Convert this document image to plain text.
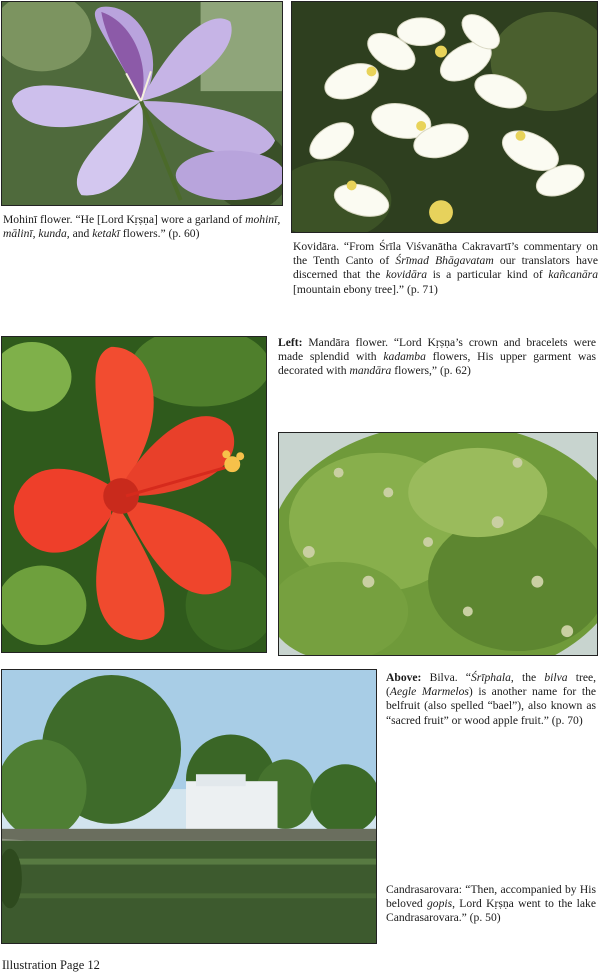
Mohinī flower. “He [Lord Kṛṣṇa] wore a garland of mohinī, mālinī, kunda, and ketakī flowers.” (p. 60)

Kovidāra. “From Śrīla Viśvanātha Cakravartī’s commentary on the Tenth Canto of Śrīmad Bhāgavatam our translators have discerned that the kovidāra is a particular kind of kañcanāra [mountain ebony tree].” (p. 71)

Left: Mandāra flower. “Lord Kṛṣṇa’s crown and bracelets were made splendid with kadamba flowers, His upper garment was decorated with mandāra flowers,” (p. 62)

Above: Bilva. “Śrīphala, the bilva tree, (Aegle Marmelos) is another name for the belfruit (also spelled “bael”), also known as “sacred fruit” or wood apple fruit.” (p. 70)

Candrasarovara: “Then, accompanied by His beloved gopis, Lord Kṛṣṇa went to the lake Candrasarovara.” (p. 50)

Illustration Page 12
